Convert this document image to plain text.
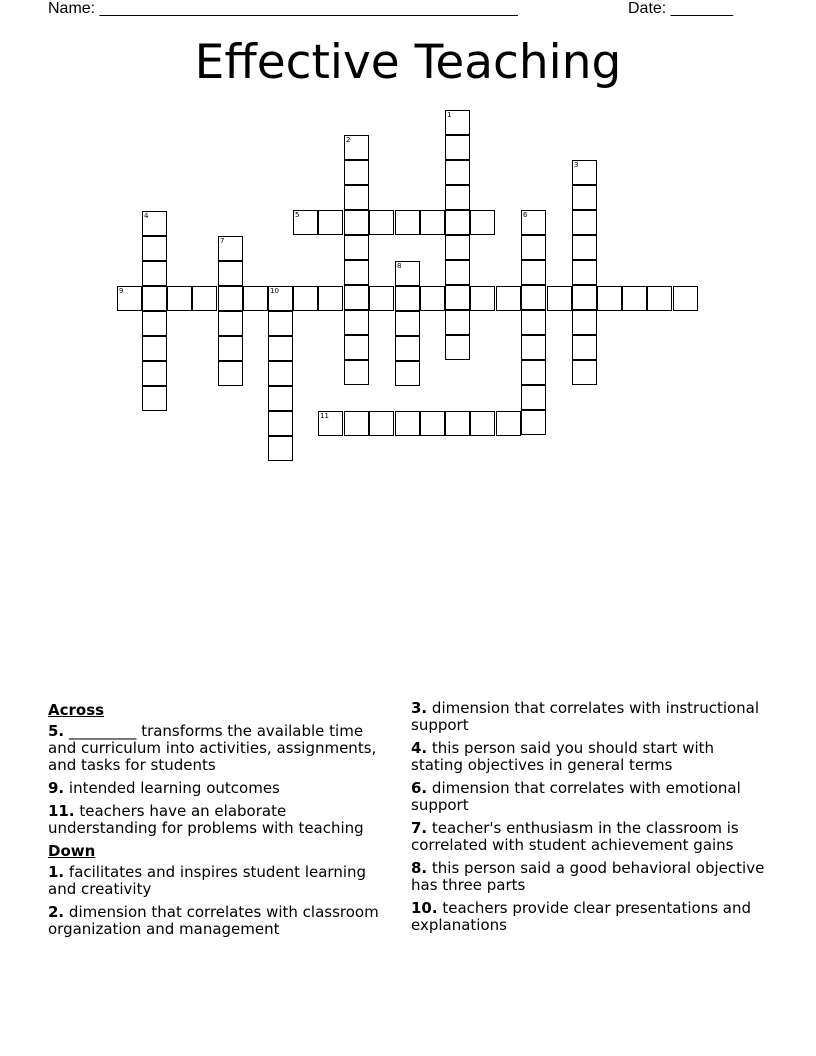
Name: _______________________________________________	Date: _______
Effective Teaching
1
2
3
4	5	6
7
8
9	10
11
Across
5. _________ transforms the available time and curriculum into activities, assignments, and tasks for students
9. intended learning outcomes
11. teachers have an elaborate understanding for problems with teaching
Down
1. facilitates and inspires student learning and creativity
2. dimension that correlates with classroom organization and management
3. dimension that correlates with instructional support
4. this person said you should start with stating objectives in general terms
6. dimension that correlates with emotional support
7. teacher's enthusiasm in the classroom is correlated with student achievement gains
8. this person said a good behavioral objective has three parts
10. teachers provide clear presentations and explanations
